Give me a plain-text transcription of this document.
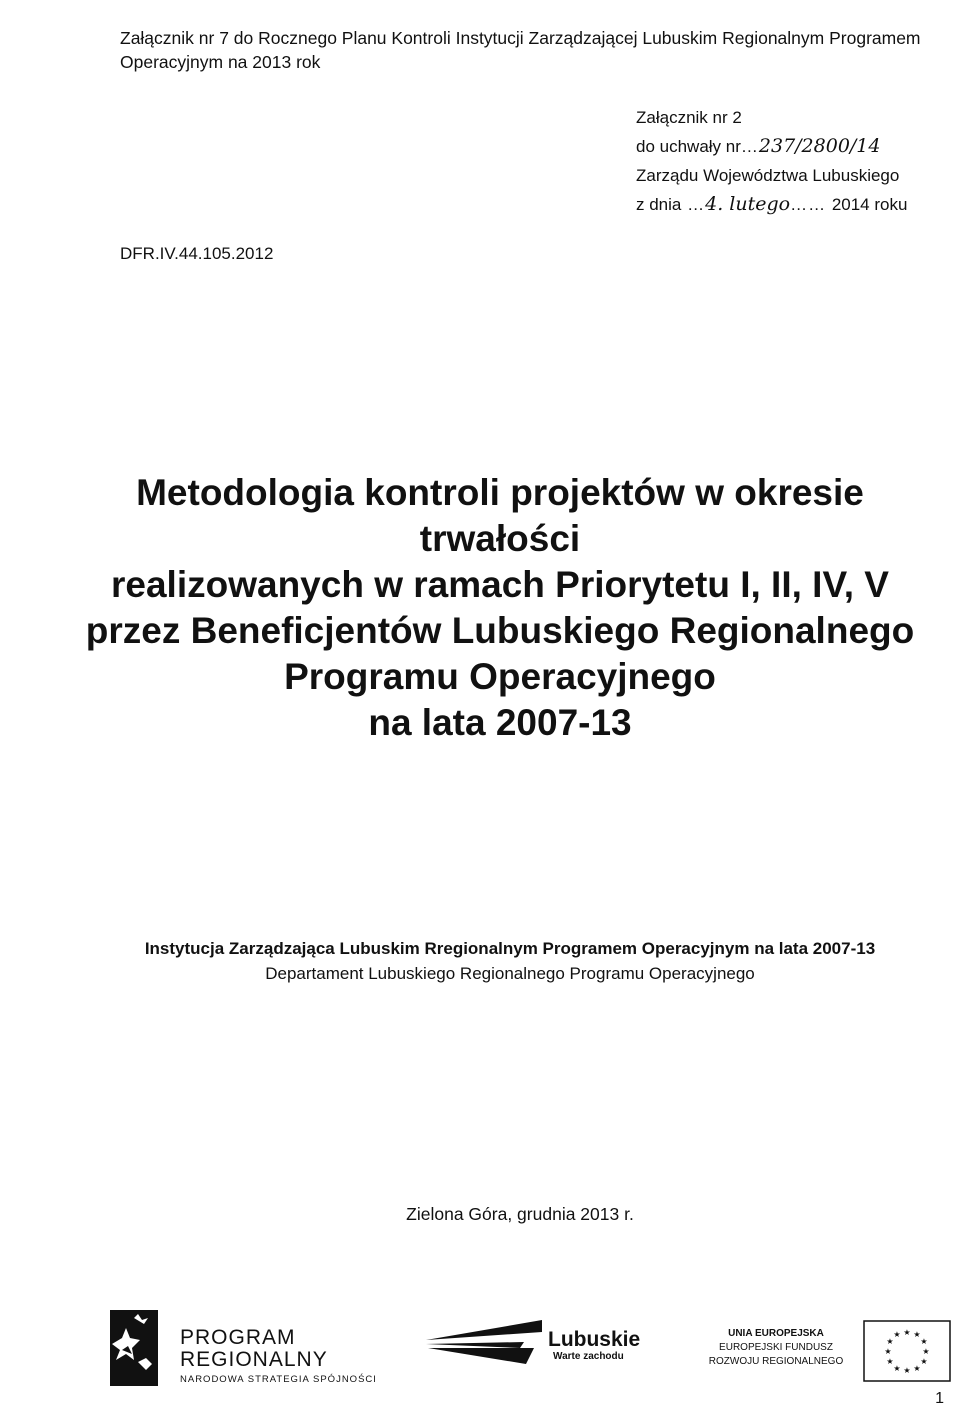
Załącznik nr 7 do Rocznego Planu Kontroli Instytucji Zarządzającej Lubuskim Regionalnym Programem
Operacyjnym na 2013 rok
Załącznik nr 2
do uchwały nr…237/2800/14
Zarządu Województwa Lubuskiego
z dnia …4. lutego…… 2014 roku
DFR.IV.44.105.2012
Metodologia kontroli projektów w okresie trwałości
realizowanych w ramach Priorytetu I, II, IV, V
przez Beneficjentów Lubuskiego Regionalnego
Programu Operacyjnego
na lata 2007-13
Instytucja Zarządzająca Lubuskim Rregionalnym Programem Operacyjnym na lata 2007-13
Departament Lubuskiego Regionalnego Programu Operacyjnego
Zielona Góra, grudnia 2013 r.
PROGRAM
REGIONALNY
NARODOWA STRATEGIA SPÓJNOŚCI
Lubuskie
Warte zachodu
UNIA EUROPEJSKA
EUROPEJSKI FUNDUSZ
ROZWOJU REGIONALNEGO
★ ★
★
★
★
★
★
★
★
★
★
★
1
